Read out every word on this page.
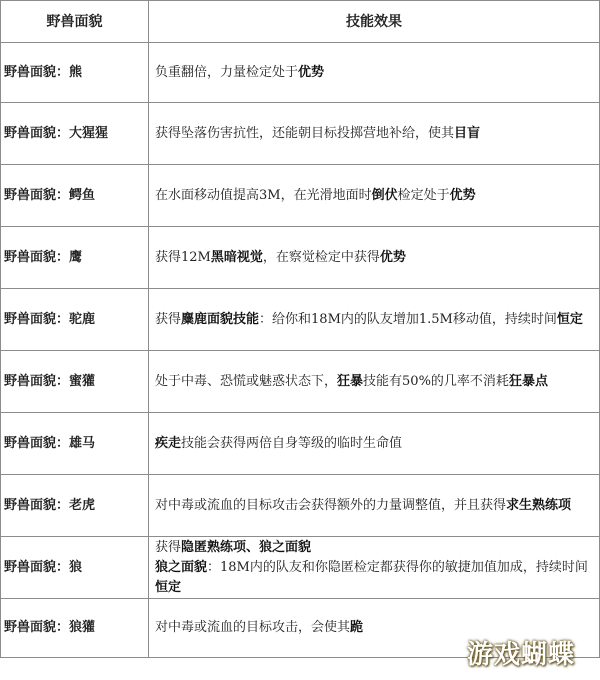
野兽面貌	技能效果
野兽面貌：熊	负重翻倍，力量检定处于优势
野兽面貌：大猩猩	获得坠落伤害抗性，还能朝目标投掷营地补给，使其目盲
野兽面貌：鳄鱼	在水面移动值提高3M，在光滑地面时倒伏检定处于优势
野兽面貌：鹰	获得12M黑暗视觉，在察觉检定中获得优势
野兽面貌：驼鹿	获得麋鹿面貌技能：给你和18M内的队友增加1.5M移动值，持续时间恒定
野兽面貌：蜜獾	处于中毒、恐慌或魅惑状态下，狂暴技能有50%的几率不消耗狂暴点
野兽面貌：雄马	疾走技能会获得两倍自身等级的临时生命值
野兽面貌：老虎	对中毒或流血的目标攻击会获得额外的力量调整值，并且获得求生熟练项
野兽面貌：狼	获得隐匿熟练项、狼之面貌
狼之面貌：18M内的队友和你隐匿检定都获得你的敏捷加值加成，持续时间恒定
野兽面貌：狼獾	对中毒或流血的目标攻击，会使其跪
游戏蝴蝶
